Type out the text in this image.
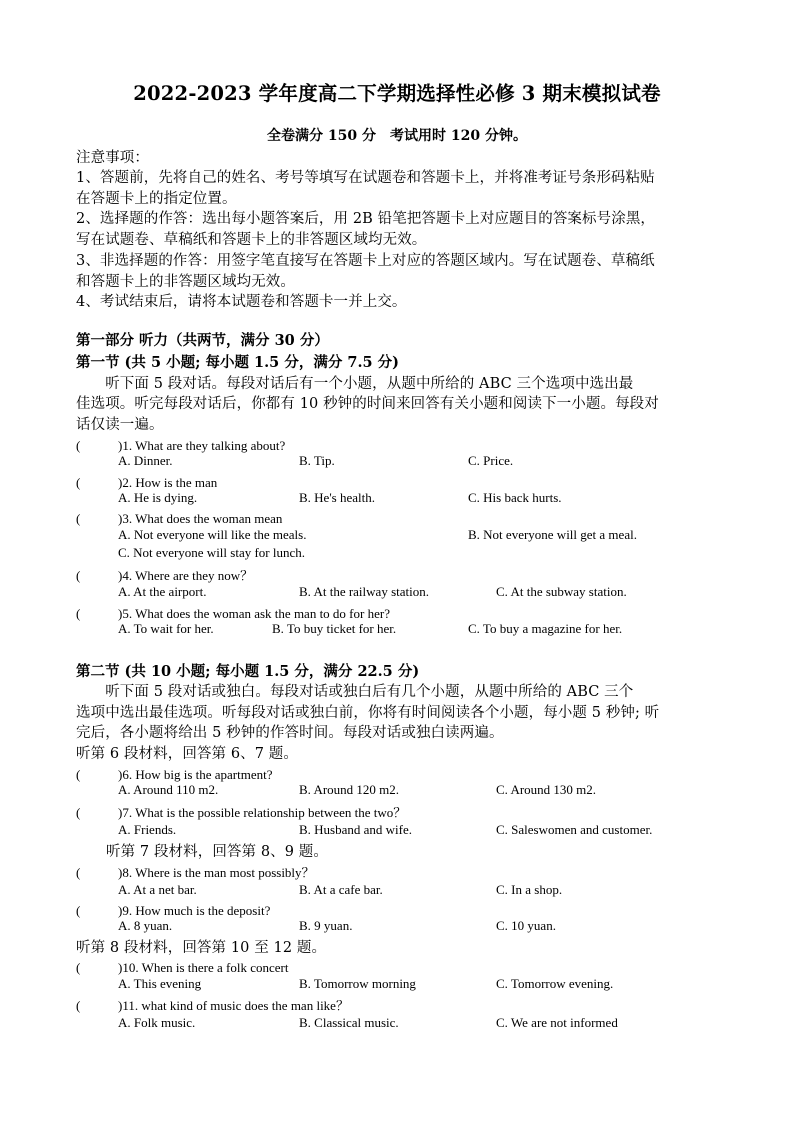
2022-2023 学年度高二下学期选择性必修 3 期末模拟试卷

全卷满分 150 分　考试用时 120 分钟。

注意事项：
1、答题前，先将自己的姓名、考号等填写在试题卷和答题卡上，并将准考证号条形码粘贴
在答题卡上的指定位置。
2、选择题的作答：选出每小题答案后，用 2B 铅笔把答题卡上对应题目的答案标号涂黑，
写在试题卷、草稿纸和答题卡上的非答题区域均无效。
3、非选择题的作答：用签字笔直接写在答题卡上对应的答题区域内。写在试题卷、草稿纸
和答题卡上的非答题区域均无效。
4、考试结束后，请将本试题卷和答题卡一并上交。
第一部分 听力（共两节，满分 30 分）
第一节 (共 5 小题; 每小题 1.5 分，满分 7.5 分)
　　听下面 5 段对话。每段对话后有一个小题，从题中所给的 ABC 三个选项中选出最
佳选项。听完每段对话后，你都有 10 秒钟的时间来回答有关小题和阅读下一小题。每段对
话仅读一遍。
(　)1. What are they talking about?
A. Dinner.	B. Tip.	C. Price.
(　)2. How is the man
A. He is dying.	B. He's health.	C. His back hurts.
(　)3. What does the woman mean
A. Not everyone will like the meals.	B. Not everyone will get a meal.
C. Not everyone will stay for lunch.
(　)4. Where are they now？
A. At the airport.	B. At the railway station.	C. At the subway station.
(　)5. What does the woman ask the man to do for her?
A. To wait for her.	B. To buy ticket for her.	C. To buy a magazine for her.
第二节 (共 10 小题; 每小题 1.5 分，满分 22.5 分)
　　听下面 5 段对话或独白。每段对话或独白后有几个小题，从题中所给的 ABC 三个
选项中选出最佳选项。听每段对话或独白前，你将有时间阅读各个小题，每小题 5 秒钟; 听
完后，各小题将给出 5 秒钟的作答时间。每段对话或独白读两遍。
听第 6 段材料，回答第 6、7 题。
(　)6. How big is the apartment?
A. Around 110 m2.	B. Around 120 m2.	C. Around 130 m2.
(　)7. What is the possible relationship between the two？
A. Friends.	B. Husband and wife.	C. Saleswomen and customer.
听第 7 段材料，回答第 8、9 题。
(　)8. Where is the man most possibly？
A. At a net bar.	B. At a cafe bar.	C. In a shop.
(　)9. How much is the deposit?
A. 8 yuan.	B. 9 yuan.	C. 10 yuan.
听第 8 段材料，回答第 10 至 12 题。
(　)10. When is there a folk concert
A. This evening	B. Tomorrow morning	C. Tomorrow evening.
(　)11. what kind of music does the man like？
A. Folk music.	B. Classical music.	C. We are not informed
